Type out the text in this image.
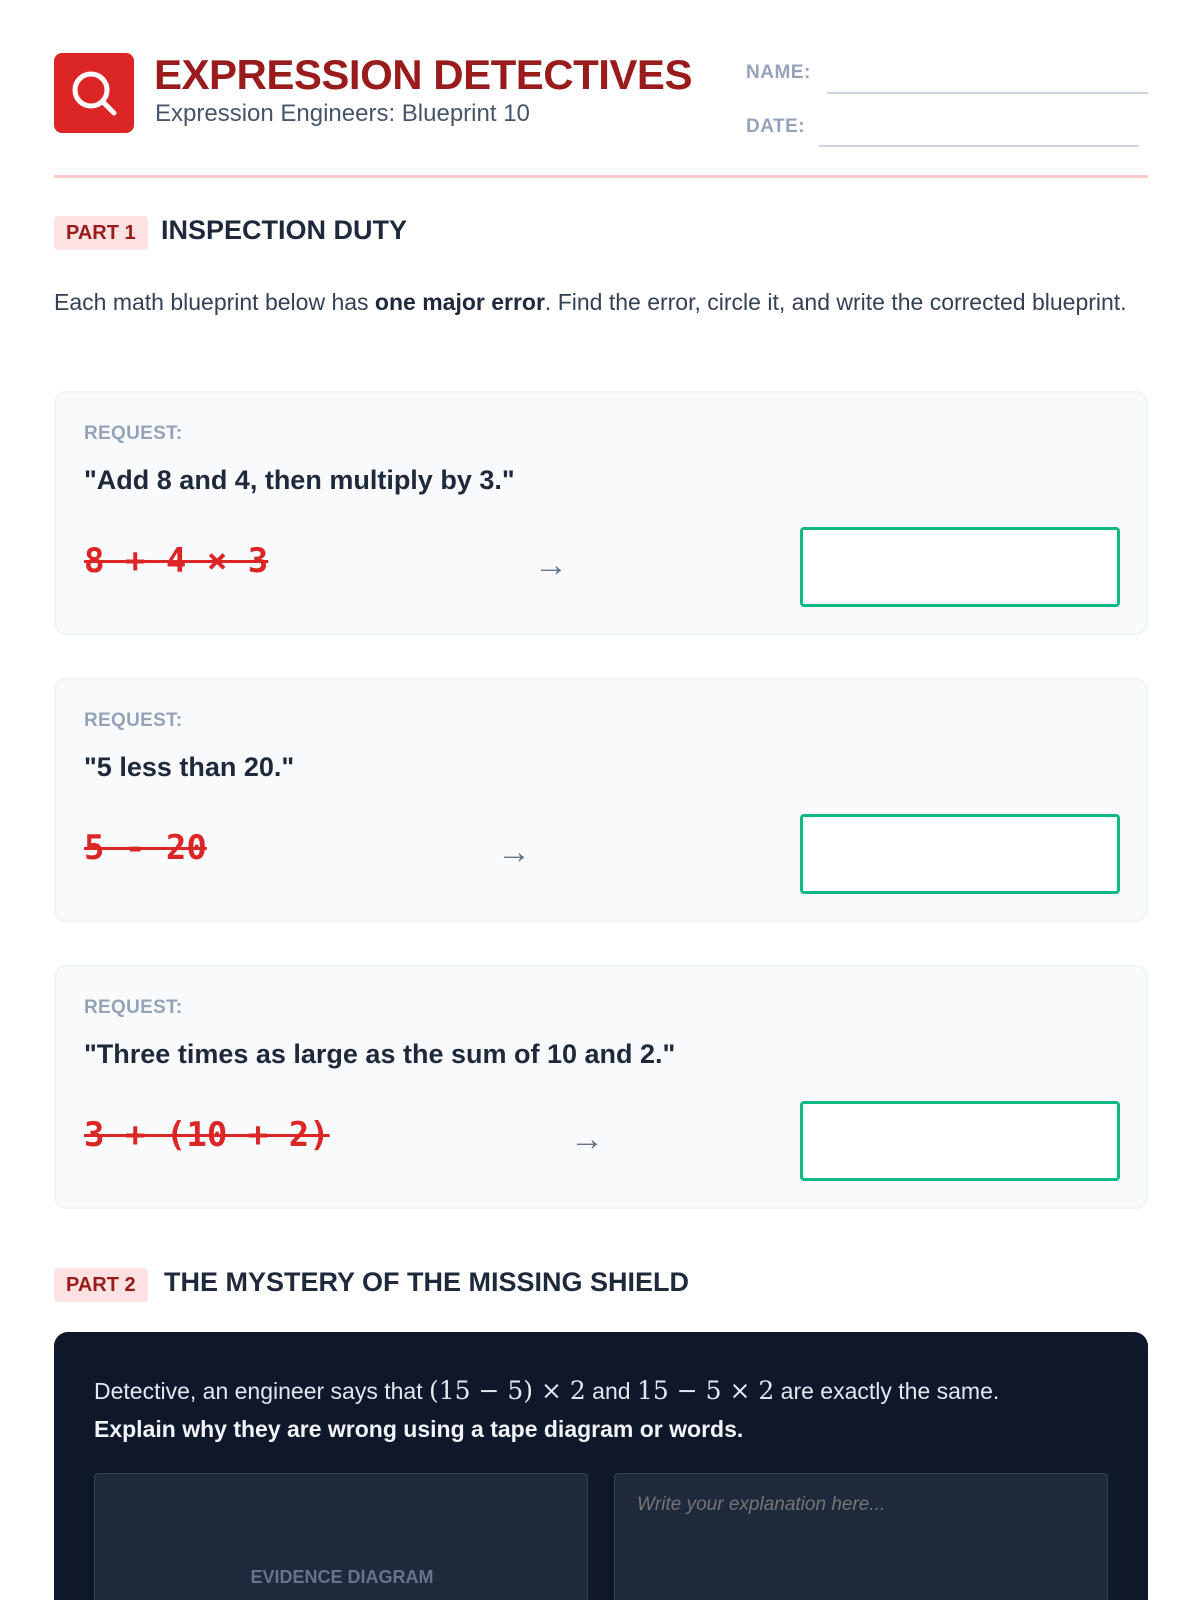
EXPRESSION DETECTIVES
Expression Engineers: Blueprint 10
NAME:
DATE:
PART 1 INSPECTION DUTY
Each math blueprint below has one major error. Find the error, circle it, and write the corrected blueprint.
REQUEST:
"Add 8 and 4, then multiply by 3."
8 + 4 × 3	→
REQUEST:
"5 less than 20."
5 - 20	→
REQUEST:
"Three times as large as the sum of 10 and 2."
3 + (10 + 2)	→
PART 2	THE MYSTERY OF THE MISSING SHIELD
Detective, an engineer says that (15 − 5) × 2 and 15 − 5 × 2 are exactly the same.
Explain why they are wrong using a tape diagram or words.
EVIDENCE DIAGRAM
Write your explanation here...
